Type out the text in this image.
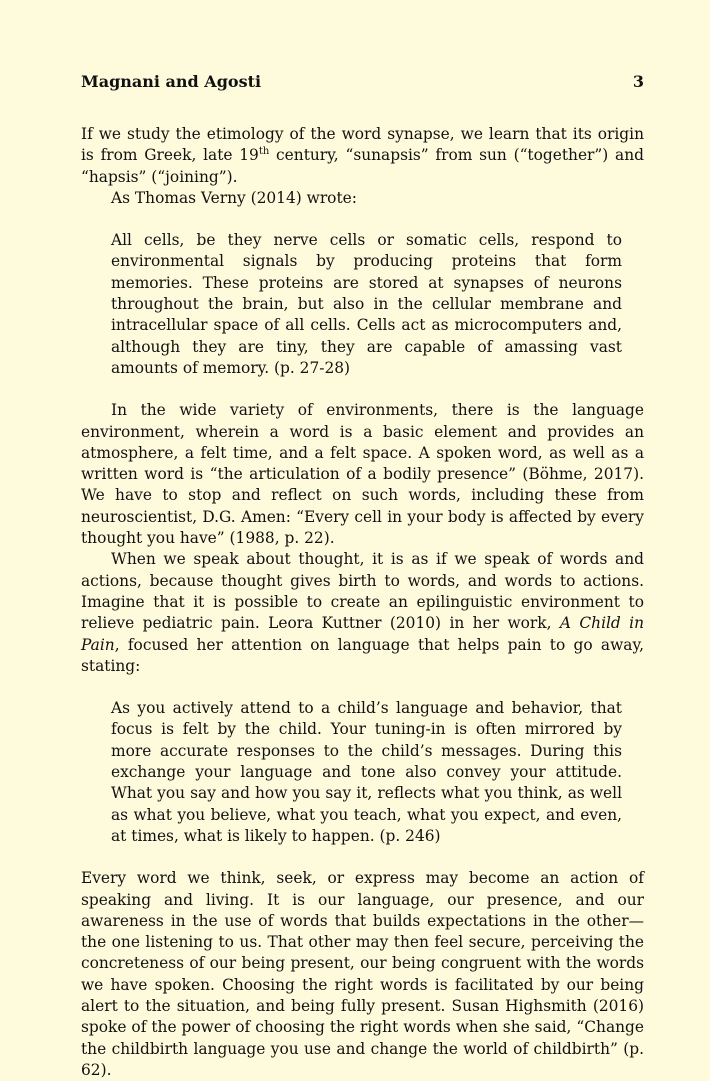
Magnani and Agosti	3

If we study the etimology of the word synapse, we learn that its origin is from Greek, late 19th century, “sunapsis” from sun (“together”) and “hapsis” (“joining”).

As Thomas Verny (2014) wrote:

All cells, be they nerve cells or somatic cells, respond to environmental signals by producing proteins that form memories. These proteins are stored at synapses of neurons throughout the brain, but also in the cellular membrane and intracellular space of all cells. Cells act as microcomputers and, although they are tiny, they are capable of amassing vast amounts of memory. (p. 27-28)

In the wide variety of environments, there is the language environment, wherein a word is a basic element and provides an atmosphere, a felt time, and a felt space. A spoken word, as well as a written word is “the articulation of a bodily presence” (Böhme, 2017). We have to stop and reflect on such words, including these from neuroscientist, D.G. Amen: “Every cell in your body is affected by every thought you have” (1988, p. 22).

When we speak about thought, it is as if we speak of words and actions, because thought gives birth to words, and words to actions. Imagine that it is possible to create an epilinguistic environment to relieve pediatric pain. Leora Kuttner (2010) in her work, A Child in Pain, focused her attention on language that helps pain to go away, stating:

As you actively attend to a child’s language and behavior, that focus is felt by the child. Your tuning-in is often mirrored by more accurate responses to the child’s messages. During this exchange your language and tone also convey your attitude. What you say and how you say it, reflects what you think, as well as what you believe, what you teach, what you expect, and even, at times, what is likely to happen. (p. 246)

Every word we think, seek, or express may become an action of speaking and living. It is our language, our presence, and our awareness in the use of words that builds expectations in the other—the one listening to us. That other may then feel secure, perceiving the concreteness of our being present, our being congruent with the words we have spoken. Choosing the right words is facilitated by our being alert to the situation, and being fully present. Susan Highsmith (2016) spoke of the power of choosing the right words when she said, “Change the childbirth language you use and change the world of childbirth” (p. 62).
